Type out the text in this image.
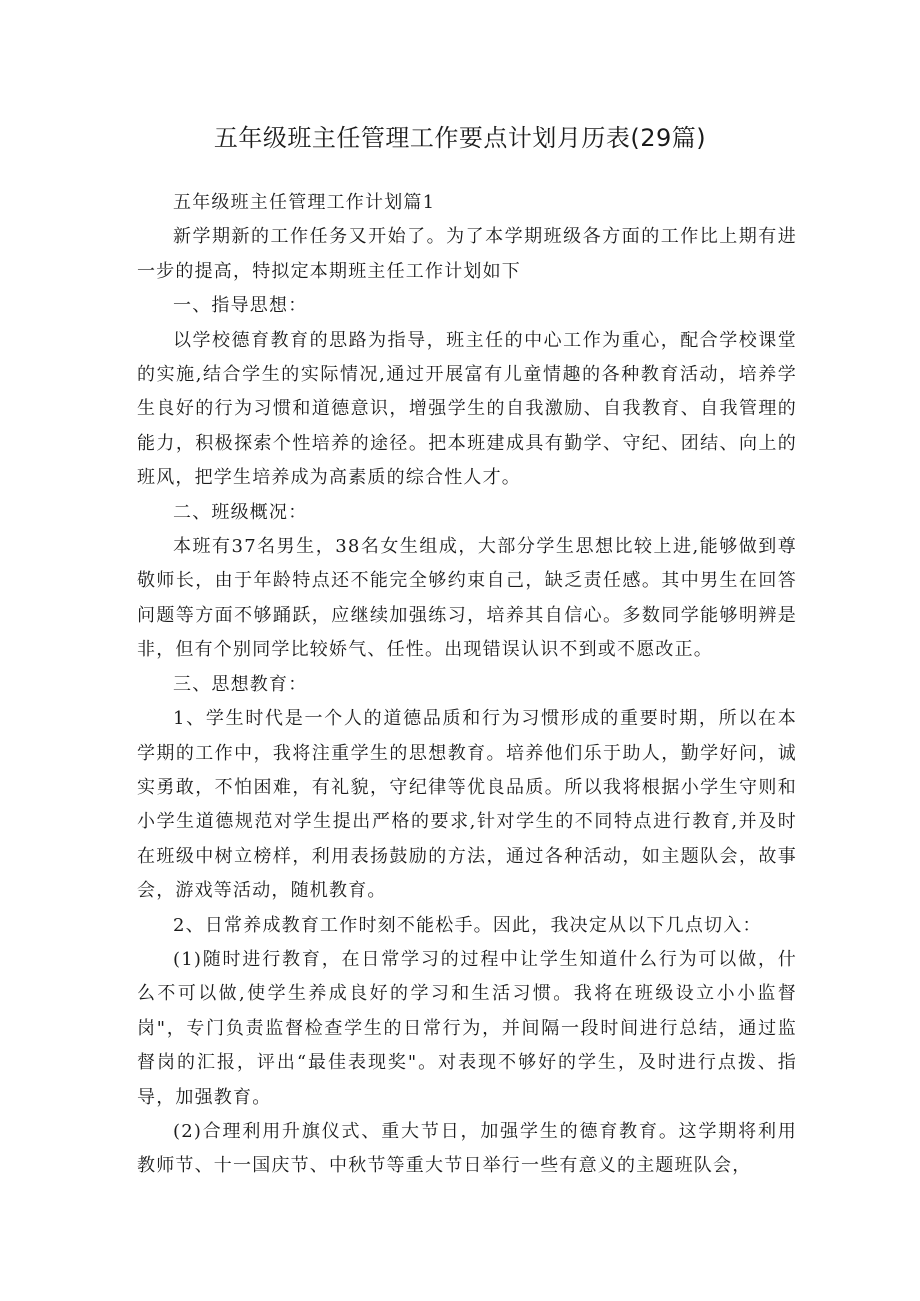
五年级班主任管理工作要点计划月历表(29篇)

五年级班主任管理工作计划篇1

新学期新的工作任务又开始了。为了本学期班级各方面的工作比上期有进一步的提高，特拟定本期班主任工作计划如下

一、指导思想：

以学校德育教育的思路为指导，班主任的中心工作为重心，配合学校课堂的实施,结合学生的实际情况,通过开展富有儿童情趣的各种教育活动，培养学生良好的行为习惯和道德意识，增强学生的自我激励、自我教育、自我管理的能力，积极探索个性培养的途径。把本班建成具有勤学、守纪、团结、向上的班风，把学生培养成为高素质的综合性人才。

二、班级概况：

本班有37名男生，38名女生组成，大部分学生思想比较上进,能够做到尊敬师长，由于年龄特点还不能完全够约束自己，缺乏责任感。其中男生在回答问题等方面不够踊跃，应继续加强练习，培养其自信心。多数同学能够明辨是非，但有个别同学比较娇气、任性。出现错误认识不到或不愿改正。

三、思想教育：

1、学生时代是一个人的道德品质和行为习惯形成的重要时期，所以在本学期的工作中，我将注重学生的思想教育。培养他们乐于助人，勤学好问，诚实勇敢，不怕困难，有礼貌，守纪律等优良品质。所以我将根据小学生守则和小学生道德规范对学生提出严格的要求,针对学生的不同特点进行教育,并及时在班级中树立榜样，利用表扬鼓励的方法，通过各种活动，如主题队会，故事会，游戏等活动，随机教育。

2、日常养成教育工作时刻不能松手。因此，我决定从以下几点切入：

(1)随时进行教育，在日常学习的过程中让学生知道什么行为可以做，什么不可以做,使学生养成良好的学习和生活习惯。我将在班级设立小小监督岗"，专门负责监督检查学生的日常行为，并间隔一段时间进行总结，通过监督岗的汇报，评出“最佳表现奖"。对表现不够好的学生，及时进行点拨、指导，加强教育。

(2)合理利用升旗仪式、重大节日，加强学生的德育教育。这学期将利用教师节、十一国庆节、中秋节等重大节日举行一些有意义的主题班队会，
